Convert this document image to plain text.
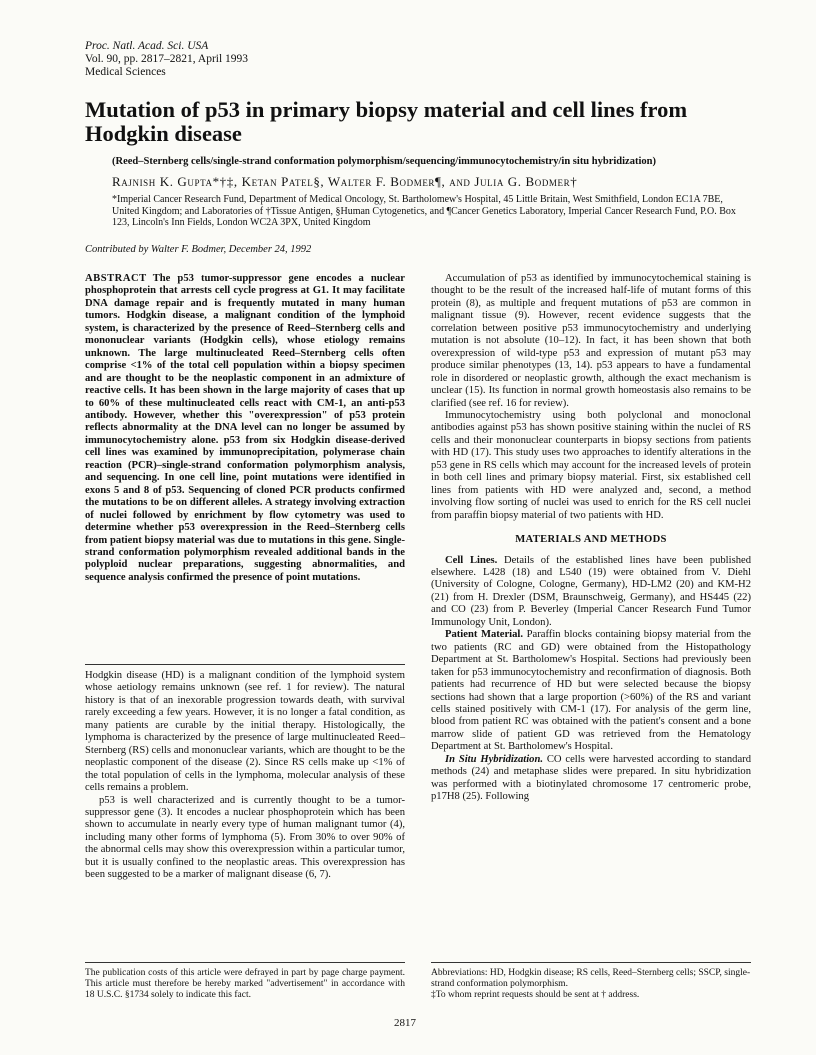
Proc. Natl. Acad. Sci. USA
Vol. 90, pp. 2817–2821, April 1993
Medical Sciences
Mutation of p53 in primary biopsy material and cell lines from Hodgkin disease
(Reed–Sternberg cells/single-strand conformation polymorphism/sequencing/immunocytochemistry/in situ hybridization)
Rajnish K. Gupta*†‡, Ketan Patel§, Walter F. Bodmer¶, and Julia G. Bodmer†
*Imperial Cancer Research Fund, Department of Medical Oncology, St. Bartholomew's Hospital, 45 Little Britain, West Smithfield, London EC1A 7BE, United Kingdom; and Laboratories of †Tissue Antigen, §Human Cytogenetics, and ¶Cancer Genetics Laboratory, Imperial Cancer Research Fund, P.O. Box 123, Lincoln's Inn Fields, London WC2A 3PX, United Kingdom
Contributed by Walter F. Bodmer, December 24, 1992
ABSTRACT The p53 tumor-suppressor gene encodes a nuclear phosphoprotein that arrests cell cycle progress at G1. It may facilitate DNA damage repair and is frequently mutated in many human tumors. Hodgkin disease, a malignant condition of the lymphoid system, is characterized by the presence of Reed–Sternberg cells and mononuclear variants (Hodgkin cells), whose etiology remains unknown. The large multinucleated Reed–Sternberg cells often comprise <1% of the total cell population within a biopsy specimen and are thought to be the neoplastic component in an admixture of reactive cells. It has been shown in the large majority of cases that up to 60% of these multinucleated cells react with CM-1, an anti-p53 antibody. However, whether this "overexpression" of p53 protein reflects abnormality at the DNA level can no longer be assumed by immunocytochemistry alone. p53 from six Hodgkin disease-derived cell lines was examined by immunoprecipitation, polymerase chain reaction (PCR)–single-strand conformation polymorphism analysis, and sequencing. In one cell line, point mutations were identified in exons 5 and 8 of p53. Sequencing of cloned PCR products confirmed the mutations to be on different alleles. A strategy involving extraction of nuclei followed by enrichment by flow cytometry was used to determine whether p53 overexpression in the Reed–Sternberg cells from patient biopsy material was due to mutations in this gene. Single-strand conformation polymorphism revealed additional bands in the polyploid nuclear preparations, suggesting abnormalities, and sequence analysis confirmed the presence of point mutations.

Hodgkin disease (HD) is a malignant condition of the lymphoid system whose aetiology remains unknown (see ref. 1 for review). The natural history is that of an inexorable progression towards death, with survival rarely exceeding a few years. However, it is no longer a fatal condition, as many patients are curable by the initial therapy. Histologically, the lymphoma is characterized by the presence of large multinucleated Reed–Sternberg (RS) cells and mononuclear variants, which are thought to be the neoplastic component of the disease (2). Since RS cells make up <1% of the total population of cells in the lymphoma, molecular analysis of these cells remains a problem.

p53 is well characterized and is currently thought to be a tumor-suppressor gene (3). It encodes a nuclear phosphoprotein which has been shown to accumulate in nearly every type of human malignant tumor (4), including many other forms of lymphoma (5). From 30% to over 90% of the abnormal cells may show this overexpression within a particular tumor, but it is usually confined to the neoplastic areas. This overexpression has been suggested to be a marker of malignant disease (6, 7).

Accumulation of p53 as identified by immunocytochemical staining is thought to be the result of the increased half-life of mutant forms of this protein (8), as multiple and frequent mutations of p53 are common in malignant tissue (9). However, recent evidence suggests that the correlation between positive p53 immunocytochemistry and underlying mutation is not absolute (10–12). In fact, it has been shown that both overexpression of wild-type p53 and expression of mutant p53 may produce similar phenotypes (13, 14). p53 appears to have a fundamental role in disordered or neoplastic growth, although the exact mechanism is unclear (15). Its function in normal growth homeostasis also remains to be clarified (see ref. 16 for review).

Immunocytochemistry using both polyclonal and monoclonal antibodies against p53 has shown positive staining within the nuclei of RS cells and their mononuclear counterparts in biopsy sections from patients with HD (17). This study uses two approaches to identify alterations in the p53 gene in RS cells which may account for the increased levels of protein in both cell lines and primary biopsy material. First, six established cell lines from patients with HD were analyzed and, second, a method involving flow sorting of nuclei was used to enrich for the RS cell nuclei from paraffin biopsy material of two patients with HD.

MATERIALS AND METHODS

Cell Lines. Details of the established lines have been published elsewhere. L428 (18) and L540 (19) were obtained from V. Diehl (University of Cologne, Cologne, Germany), HD-LM2 (20) and KM-H2 (21) from H. Drexler (DSM, Braunschweig, Germany), and HS445 (22) and CO (23) from P. Beverley (Imperial Cancer Research Fund Tumor Immunology Unit, London).

Patient Material. Paraffin blocks containing biopsy material from the two patients (RC and GD) were obtained from the Histopathology Department at St. Bartholomew's Hospital. Sections had previously been taken for p53 immunocytochemistry and reconfirmation of diagnosis. Both patients had recurrence of HD but were selected because the biopsy sections had shown that a large proportion (>60%) of the RS and variant cells stained positively with CM-1 (17). For analysis of the germ line, blood from patient RC was obtained with the patient's consent and a bone marrow slide of patient GD was retrieved from the Hematology Department at St. Bartholomew's Hospital.

In Situ Hybridization. CO cells were harvested according to standard methods (24) and metaphase slides were prepared. In situ hybridization was performed with a biotinylated chromosome 17 centromeric probe, p17H8 (25). Following

The publication costs of this article were defrayed in part by page charge payment. This article must therefore be hereby marked "advertisement" in accordance with 18 U.S.C. §1734 solely to indicate this fact.
Abbreviations: HD, Hodgkin disease; RS cells, Reed–Sternberg cells; SSCP, single-strand conformation polymorphism.
‡To whom reprint requests should be sent at † address.
2817
